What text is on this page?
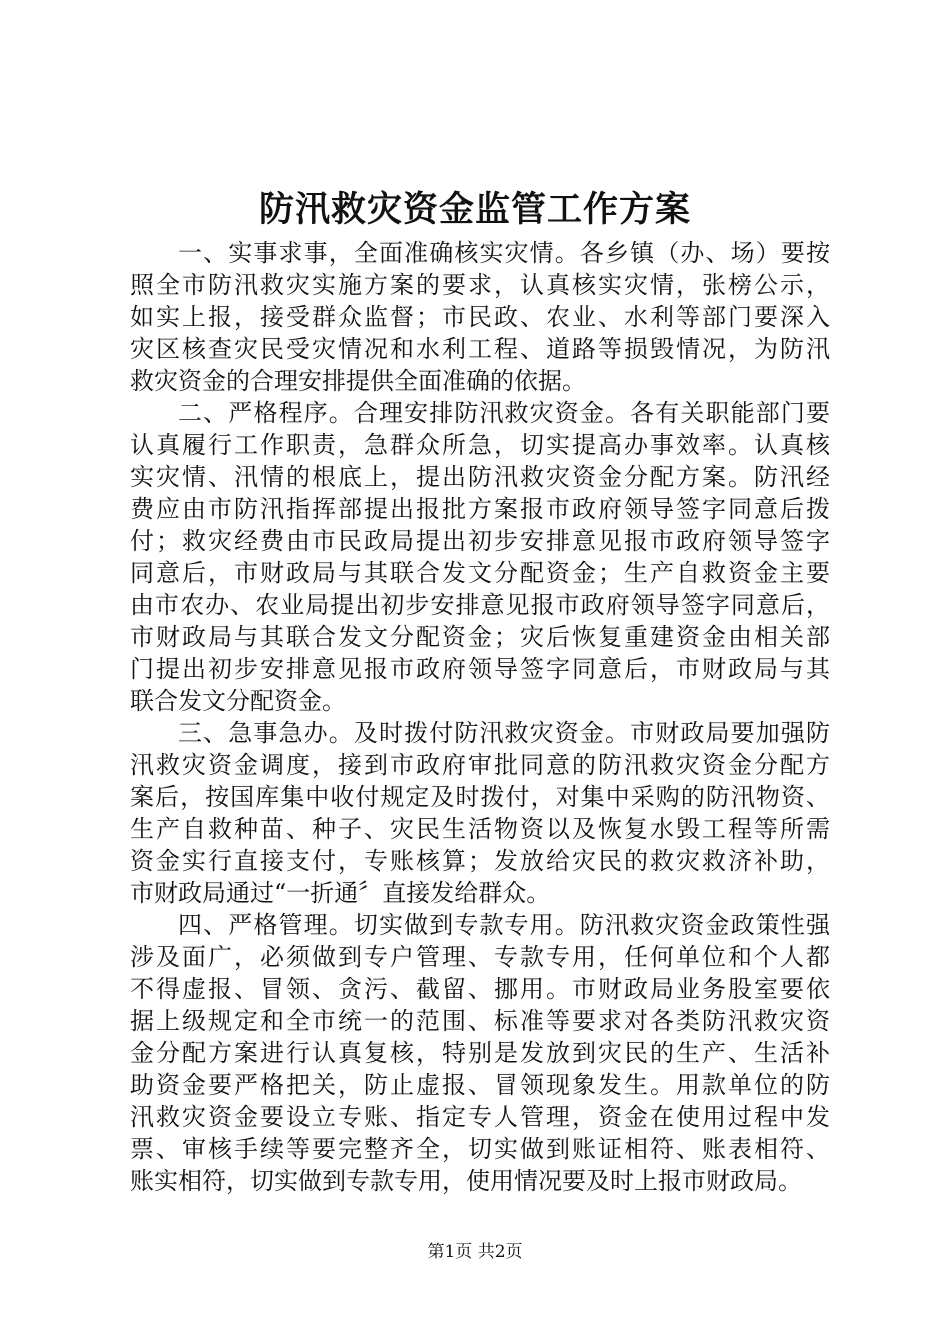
防汛救灾资金监管工作方案
一、实事求事，全面准确核实灾情。各乡镇（办、场）要按
照全市防汛救灾实施方案的要求，认真核实灾情，张榜公示，
如实上报，接受群众监督；市民政、农业、水利等部门要深入
灾区核查灾民受灾情况和水利工程、道路等损毁情况，为防汛
救灾资金的合理安排提供全面准确的依据。
二、严格程序。合理安排防汛救灾资金。各有关职能部门要
认真履行工作职责，急群众所急，切实提高办事效率。认真核
实灾情、汛情的根底上，提出防汛救灾资金分配方案。防汛经
费应由市防汛指挥部提出报批方案报市政府领导签字同意后拨
付；救灾经费由市民政局提出初步安排意见报市政府领导签字
同意后，市财政局与其联合发文分配资金；生产自救资金主要
由市农办、农业局提出初步安排意见报市政府领导签字同意后，
市财政局与其联合发文分配资金；灾后恢复重建资金由相关部
门提出初步安排意见报市政府领导签字同意后，市财政局与其
联合发文分配资金。
三、急事急办。及时拨付防汛救灾资金。市财政局要加强防
汛救灾资金调度，接到市政府审批同意的防汛救灾资金分配方
案后，按国库集中收付规定及时拨付，对集中采购的防汛物资、
生产自救种苗、种子、灾民生活物资以及恢复水毁工程等所需
资金实行直接支付，专账核算；发放给灾民的救灾救济补助，
市财政局通过“一折通〞直接发给群众。
四、严格管理。切实做到专款专用。防汛救灾资金政策性强
涉及面广，必须做到专户管理、专款专用，任何单位和个人都
不得虚报、冒领、贪污、截留、挪用。市财政局业务股室要依
据上级规定和全市统一的范围、标准等要求对各类防汛救灾资
金分配方案进行认真复核，特别是发放到灾民的生产、生活补
助资金要严格把关，防止虚报、冒领现象发生。用款单位的防
汛救灾资金要设立专账、指定专人管理，资金在使用过程中发
票、审核手续等要完整齐全，切实做到账证相符、账表相符、
账实相符，切实做到专款专用，使用情况要及时上报市财政局。
第1页 共2页
